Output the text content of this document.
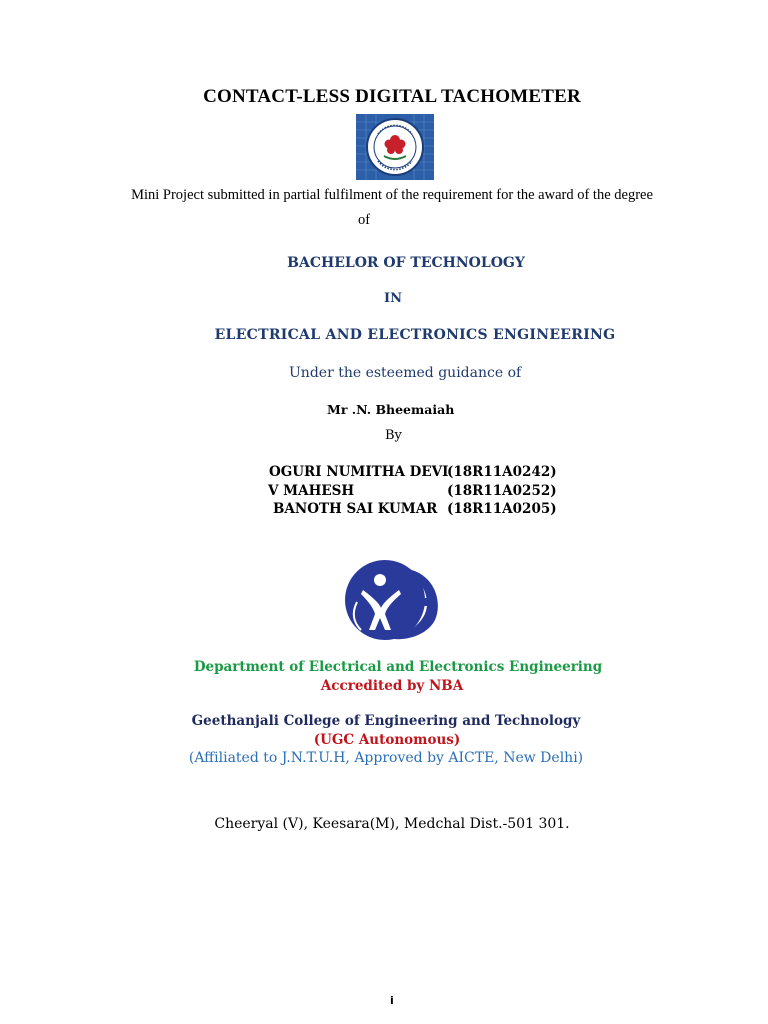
CONTACT-LESS DIGITAL TACHOMETER
Mini Project submitted in partial fulfilment of the requirement for the award of the degree
of
BACHELOR OF TECHNOLOGY
IN
ELECTRICAL AND ELECTRONICS ENGINEERING
Under the esteemed guidance of
Mr .N. Bheemaiah
By
OGURI NUMITHA DEVI
(18R11A0242)
V MAHESH	(18R11A0252)
BANOTH SAI KUMAR (18R11A0205)
Department of Electrical and Electronics Engineering
Accredited by NBA
Geethanjali College of Engineering and Technology
(UGC Autonomous)
(Affiliated to J.N.T.U.H, Approved by AICTE, New Delhi)
Cheeryal (V), Keesara(M), Medchal Dist.-501 301.
i
